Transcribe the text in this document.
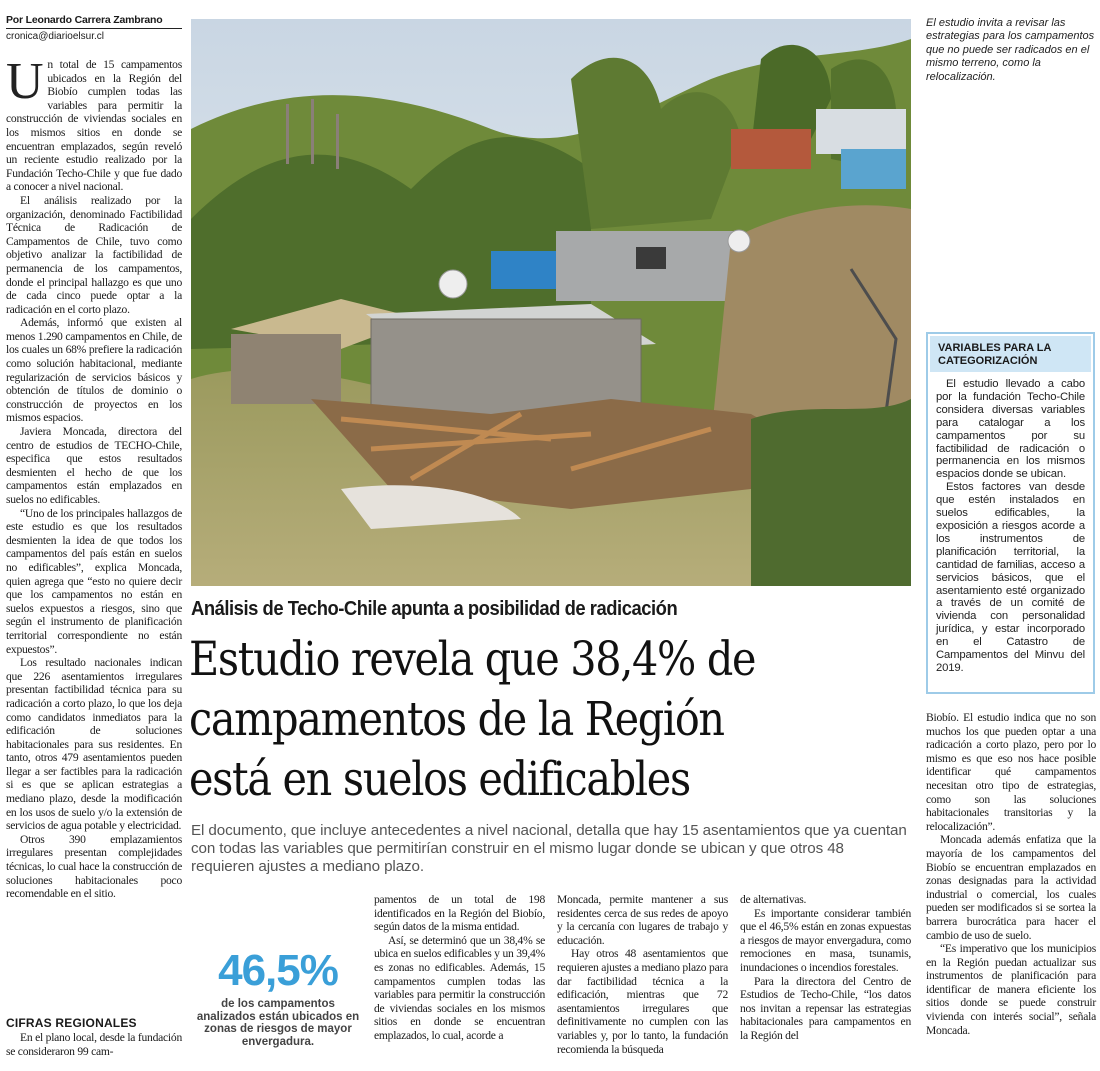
Por Leonardo Carrera Zambrano
cronica@diarioelsur.cl
U n total de 15 campamentos ubicados en la Región del Biobío cumplen todas las variables para permitir la construcción de viviendas sociales en los mismos sitios en donde se encuentran emplazados, según reveló un reciente estudio realizado por la Fundación Techo-Chile y que fue dado a conocer a nivel nacional.

El análisis realizado por la organización, denominado Factibilidad Técnica de Radicación de Campamentos de Chile, tuvo como objetivo analizar la factibilidad de permanencia de los campamentos, donde el principal hallazgo es que uno de cada cinco puede optar a la radicación en el corto plazo.

Además, informó que existen al menos 1.290 campamentos en Chile, de los cuales un 68% prefiere la radicación como solución habitacional, mediante regularización de servicios básicos y obtención de títulos de dominio o construcción de proyectos en los mismos espacios.

Javiera Moncada, directora del centro de estudios de TECHO-Chile, especifica que estos resultados desmienten el hecho de que los campamentos están emplazados en suelos no edificables.

“Uno de los principales hallazgos de este estudio es que los resultados desmienten la idea de que todos los campamentos del país están en suelos no edificables”, explica Moncada, quien agrega que “esto no quiere decir que los campamentos no están en suelos expuestos a riesgos, sino que según el instrumento de planificación territorial correspondiente no están expuestos”.

Los resultado nacionales indican que 226 asentamientos irregulares presentan factibilidad técnica para su radicación a corto plazo, lo que los deja como candidatos inmediatos para la edificación de soluciones habitacionales para sus residentes. En tanto, otros 479 asentamientos pueden llegar a ser factibles para la radicación si es que se aplican estrategias a mediano plazo, desde la modificación en los usos de suelo y/o la extensión de servicios de agua potable y electricidad.

Otros 390 emplazamientos irregulares presentan complejidades técnicas, lo cual hace la construcción de soluciones habitacionales poco recomendable en el sitio.

CIFRAS REGIONALES

En el plano local, desde la fundación se consideraron 99 cam-

El estudio invita a revisar las estrategias para los campamentos que no puede ser radicados en el mismo terreno, como la relocalización.
VARIABLES PARA LA CATEGORIZACIÓN

El estudio llevado a cabo por la fundación Techo-Chile considera diversas variables para catalogar a los campamentos por su factibilidad de radicación o permanencia en los mismos espacios donde se ubican.

Estos factores van desde que estén instalados en suelos edificables, la exposición a riesgos acorde a los instrumentos de planificación territorial, la cantidad de familias, acceso a servicios básicos, que el asentamiento esté organizado a través de un comité de vivienda con personalidad jurídica, y estar incorporado en el Catastro de Campamentos del Minvu del 2019.

Análisis de Techo-Chile apunta a posibilidad de radicación
Estudio revela que 38,4% de
campamentos de la Región
está en suelos edificables
El documento, que incluye antecedentes a nivel nacional, detalla que hay 15 asentamientos que ya cuentan con todas las variables que permitirían construir en el mismo lugar donde se ubican y que otros 48 requieren ajustes a mediano plazo.
46,5%
de los campamentos analizados están ubicados en zonas de riesgos de mayor envergadura.

pamentos de un total de 198 identificados en la Región del Biobío, según datos de la misma entidad.

Así, se determinó que un 38,4% se ubica en suelos edificables y un 39,4% es zonas no edificables. Además, 15 campamentos cumplen todas las variables para permitir la construcción de viviendas sociales en los mismos sitios en donde se encuentran emplazados, lo cual, acorde a

Moncada, permite mantener a sus residentes cerca de sus redes de apoyo y la cercanía con lugares de trabajo y educación.

Hay otros 48 asentamientos que requieren ajustes a mediano plazo para dar factibilidad técnica a la edificación, mientras que 72 asentamientos irregulares que definitivamente no cumplen con las variables y, por lo tanto, la fundación recomienda la búsqueda

de alternativas.

Es importante considerar también que el 46,5% están en zonas expuestas a riesgos de mayor envergadura, como remociones en masa, tsunamis, inundaciones o incendios forestales.

Para la directora del Centro de Estudios de Techo-Chile, “los datos nos invitan a repensar las estrategias habitacionales para campamentos en la Región del

Biobío. El estudio indica que no son muchos los que pueden optar a una radicación a corto plazo, pero por lo mismo es que eso nos hace posible identificar qué campamentos necesitan otro tipo de estrategias, como son las soluciones habitacionales transitorias y la relocalización”.

Moncada además enfatiza que la mayoría de los campamentos del Biobío se encuentran emplazados en zonas designadas para la actividad industrial o comercial, los cuales pueden ser modificados si se sortea la barrera burocrática para hacer el cambio de uso de suelo.

“Es imperativo que los municipios en la Región puedan actualizar sus instrumentos de planificación para identificar de manera eficiente los sitios donde se puede construir vivienda con interés social”, señala Moncada.
